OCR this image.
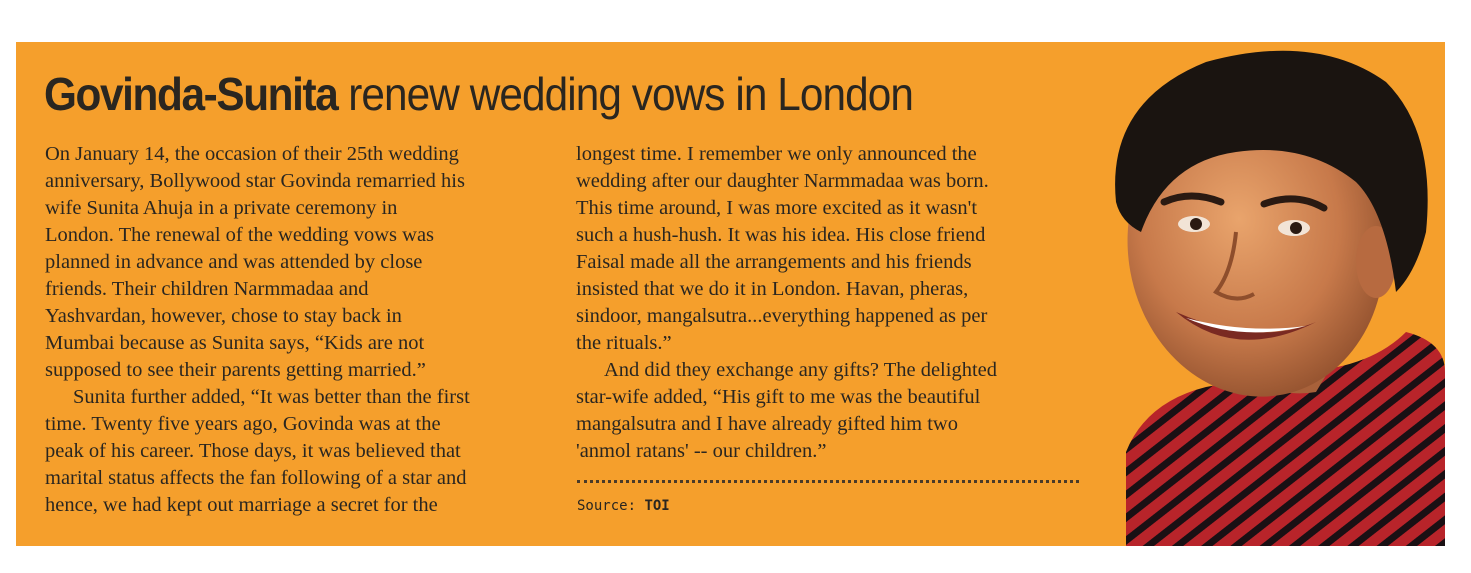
Govinda-Sunita renew wedding vows in London

On January 14, the occasion of their 25th wedding

anniversary, Bollywood star Govinda remarried his

wife Sunita Ahuja in a private ceremony in

London. The renewal of the wedding vows was

planned in advance and was attended by close

friends. Their children Narmmadaa and

Yashvardan, however, chose to stay back in

Mumbai because as Sunita says, “Kids are not

supposed to see their parents getting married.”

Sunita further added, “It was better than the first

time. Twenty five years ago, Govinda was at the

peak of his career. Those days, it was believed that

marital status affects the fan following of a star and

hence, we had kept out marriage a secret for the

longest time. I remember we only announced the

wedding after our daughter Narmmadaa was born.

This time around, I was more excited as it wasn't

such a hush-hush. It was his idea. His close friend

Faisal made all the arrangements and his friends

insisted that we do it in London. Havan, pheras,

sindoor, mangalsutra...everything happened as per

the rituals.”

And did they exchange any gifts? The delighted

star-wife added, “His gift to me was the beautiful

mangalsutra and I have already gifted him two

'anmol ratans' -- our children.”

Source: TOI
